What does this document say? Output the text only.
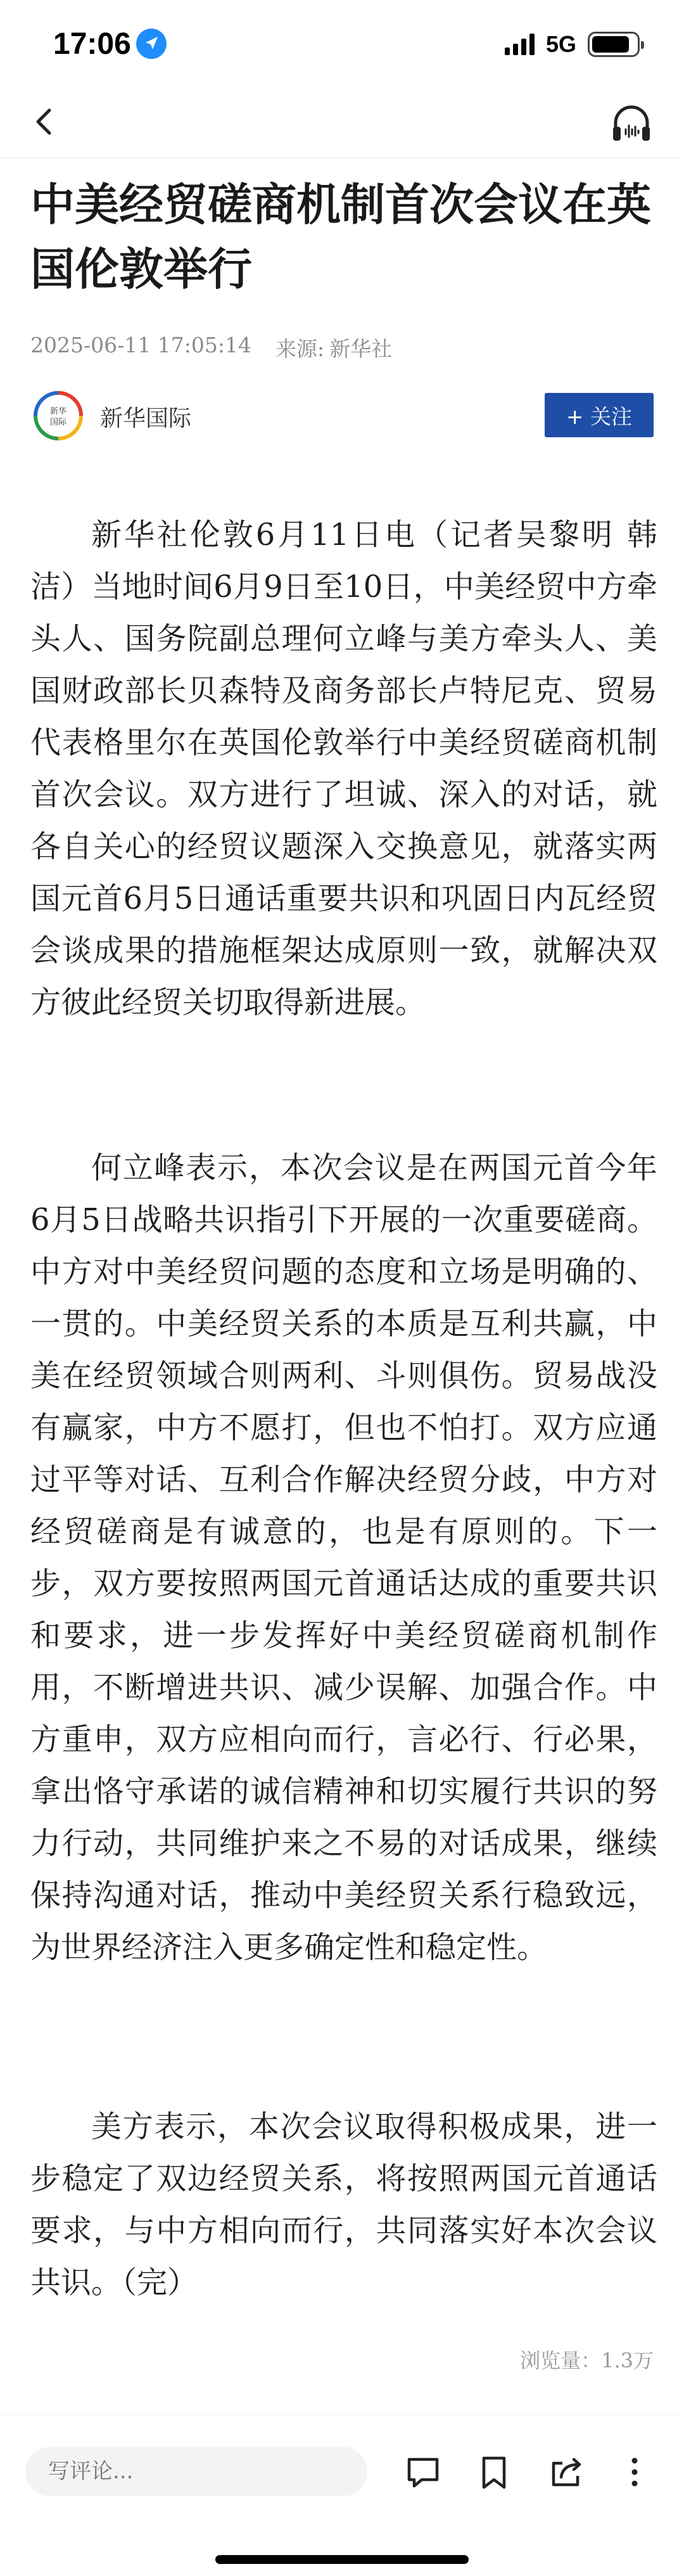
17:06	5G
中美经贸磋商机制首次会议在英国伦敦举行
2025-06-11 17:05:14 来源: 新华社
新华
国际 新华国际	+ 关注

新华社伦敦6月11日电（记者吴黎明 韩洁）当地时间6月9日至10日，中美经贸中方牵头人、国务院副总理何立峰与美方牵头人、美国财政部长贝森特及商务部长卢特尼克、贸易代表格里尔在英国伦敦举行中美经贸磋商机制首次会议。双方进行了坦诚、深入的对话，就各自关心的经贸议题深入交换意见，就落实两国元首6月5日通话重要共识和巩固日内瓦经贸会谈成果的措施框架达成原则一致，就解决双方彼此经贸关切取得新进展。

何立峰表示，本次会议是在两国元首今年6月5日战略共识指引下开展的一次重要磋商。中方对中美经贸问题的态度和立场是明确的、一贯的。中美经贸关系的本质是互利共赢，中美在经贸领域合则两利、斗则俱伤。贸易战没有赢家，中方不愿打，但也不怕打。双方应通过平等对话、互利合作解决经贸分歧，中方对经贸磋商是有诚意的，也是有原则的。下一步，双方要按照两国元首通话达成的重要共识和要求，进一步发挥好中美经贸磋商机制作用，不断增进共识、减少误解、加强合作。中方重申，双方应相向而行，言必行、行必果，拿出恪守承诺的诚信精神和切实履行共识的努力行动，共同维护来之不易的对话成果，继续保持沟通对话，推动中美经贸关系行稳致远，为世界经济注入更多确定性和稳定性。

美方表示，本次会议取得积极成果，进一步稳定了双边经贸关系，将按照两国元首通话要求，与中方相向而行，共同落实好本次会议共识。（完）

浏览量：1.3万
写评论...
